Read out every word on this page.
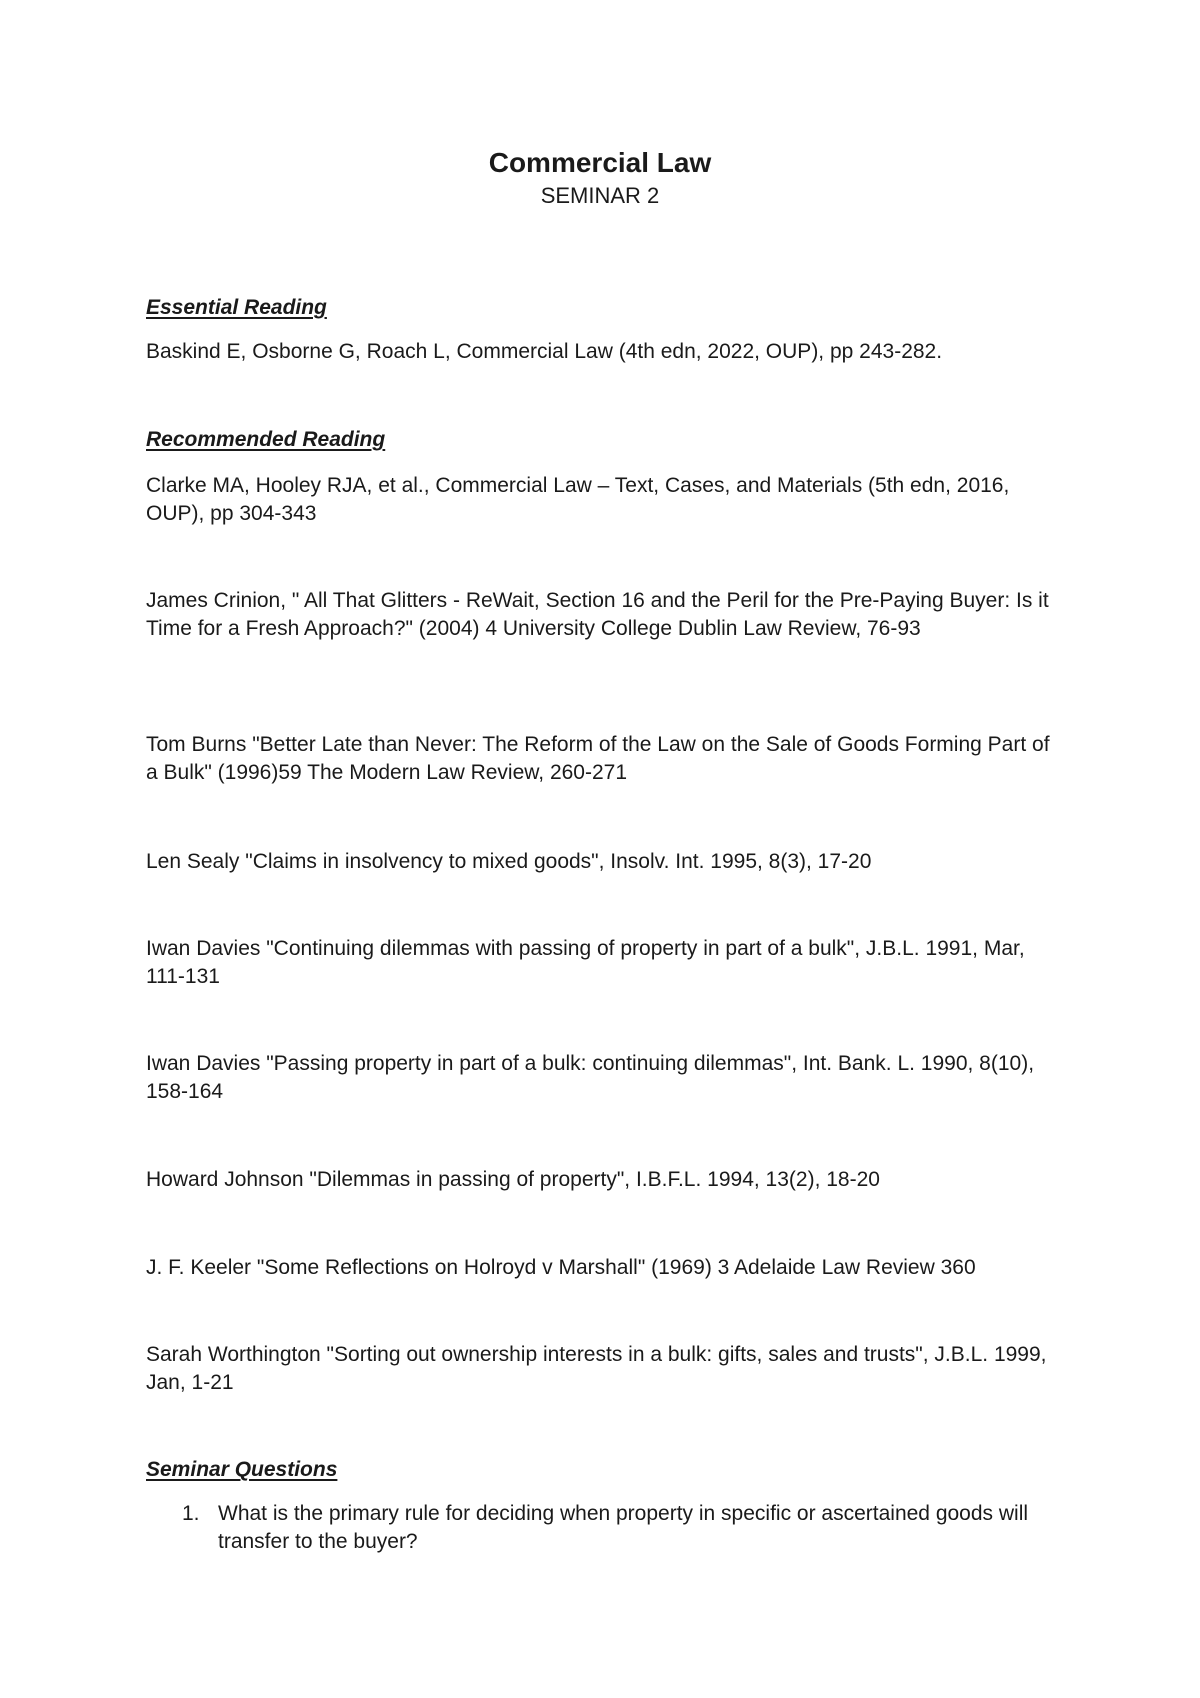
Commercial Law
SEMINAR 2
Essential Reading
Baskind E, Osborne G, Roach L, Commercial Law (4th edn, 2022, OUP), pp 243-282.
Recommended Reading
Clarke MA, Hooley RJA, et al., Commercial Law – Text, Cases, and Materials (5th edn, 2016, OUP), pp 304-343
James Crinion, " All That Glitters - ReWait, Section 16 and the Peril for the Pre-Paying Buyer: Is it Time for a Fresh Approach?" (2004) 4 University College Dublin Law Review, 76-93
Tom Burns "Better Late than Never: The Reform of the Law on the Sale of Goods Forming Part of a Bulk" (1996)59 The Modern Law Review, 260-271
Len Sealy "Claims in insolvency to mixed goods", Insolv. Int. 1995, 8(3), 17-20
Iwan Davies "Continuing dilemmas with passing of property in part of a bulk", J.B.L. 1991, Mar, 111-131
Iwan Davies "Passing property in part of a bulk: continuing dilemmas", Int. Bank. L. 1990, 8(10), 158-164
Howard Johnson "Dilemmas in passing of property", I.B.F.L. 1994, 13(2), 18-20
J. F. Keeler "Some Reflections on Holroyd v Marshall" (1969) 3 Adelaide Law Review 360
Sarah Worthington "Sorting out ownership interests in a bulk: gifts, sales and trusts", J.B.L. 1999, Jan, 1-21
Seminar Questions
1. What is the primary rule for deciding when property in specific or ascertained goods will transfer to the buyer?
